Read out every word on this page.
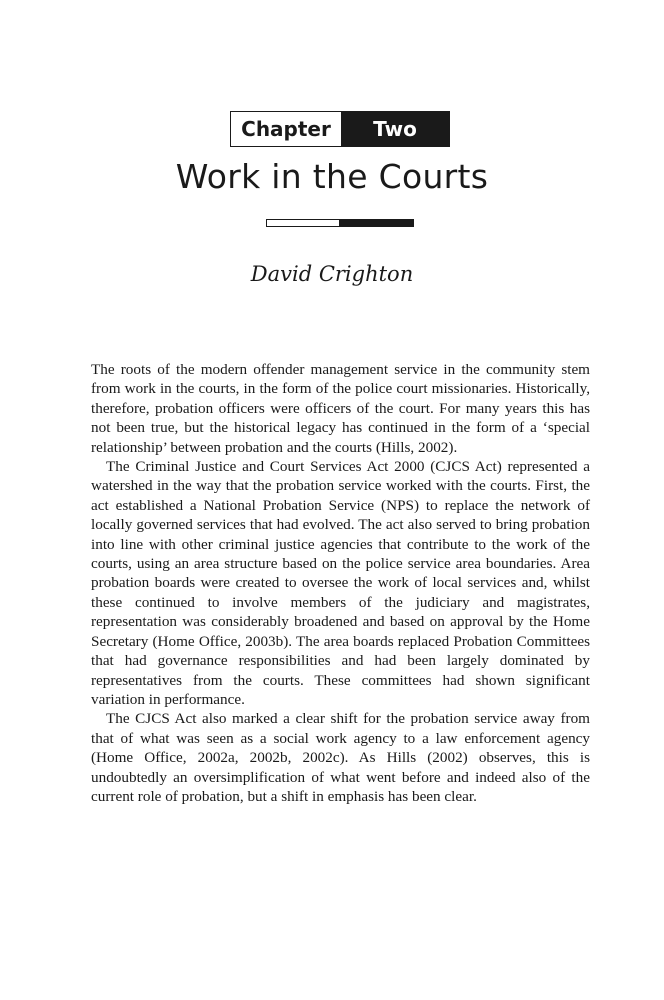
Chapter	Two
Work in the Courts

David Crighton

The roots of the modern offender management service in the community stem from work in the courts, in the form of the police court missionaries. Historically, therefore, probation officers were officers of the court. For many years this has not been true, but the historical legacy has continued in the form of a ‘special relationship’ between probation and the courts (Hills, 2002).

The Criminal Justice and Court Services Act 2000 (CJCS Act) represented a watershed in the way that the probation service worked with the courts. First, the act established a National Probation Service (NPS) to replace the network of locally governed services that had evolved. The act also served to bring probation into line with other criminal justice agencies that contribute to the work of the courts, using an area structure based on the police service area boundaries. Area probation boards were created to oversee the work of local services and, whilst these continued to involve members of the judiciary and magistrates, representation was considerably broadened and based on approval by the Home Secretary (Home Office, 2003b). The area boards replaced Probation Committees that had governance responsibilities and had been largely dominated by representatives from the courts. These committees had shown significant variation in performance.

The CJCS Act also marked a clear shift for the probation service away from that of what was seen as a social work agency to a law enforcement agency (Home Office, 2002a, 2002b, 2002c). As Hills (2002) observes, this is undoubtedly an oversimplification of what went before and indeed also of the current role of probation, but a shift in emphasis has been clear.
